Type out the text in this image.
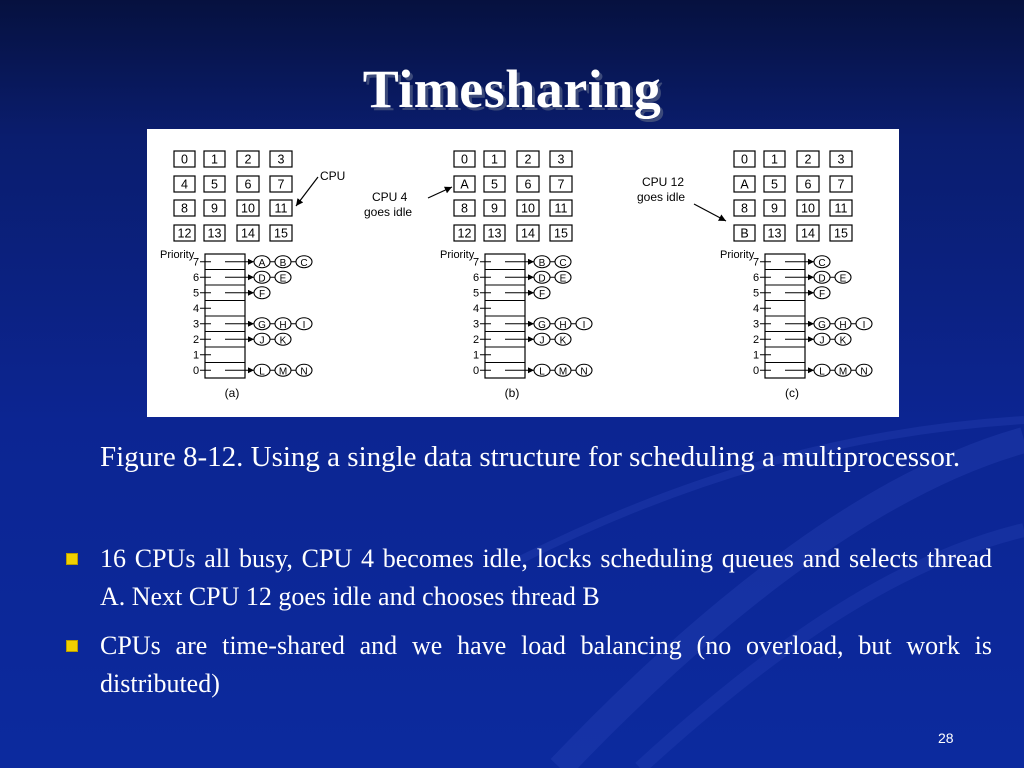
Timesharing
0 1 2 3
4 5 6 7
8 9 10 11
12 13 14 15
CPU
Priority
7	A B C
6	D E
5	F
4
3	G H I
2	J K
1
0	L M N
(a)
0 1 2 3
A 5 6 7
8 9 10 11
12 13 14 15
CPU 4
goes idle
Priority
7	B C
6	D E
5	F
4
3	G H I
2	J K
1
0	L M N
(b)
0 1 2 3
A 5 6 7
8 9 10 11
B 13 14 15
CPU 12
goes idle
Priority
7	C
6	D E
5	F
4
3	G H I
2	J K
1
0	L M N
(c)
Figure 8-12. Using a single data structure for scheduling a multiprocessor.
16 CPUs all busy, CPU 4 becomes idle, locks scheduling queues and selects thread A. Next CPU 12 goes idle and chooses thread B
CPUs are time-shared and we have load balancing (no overload, but work is distributed)
28
